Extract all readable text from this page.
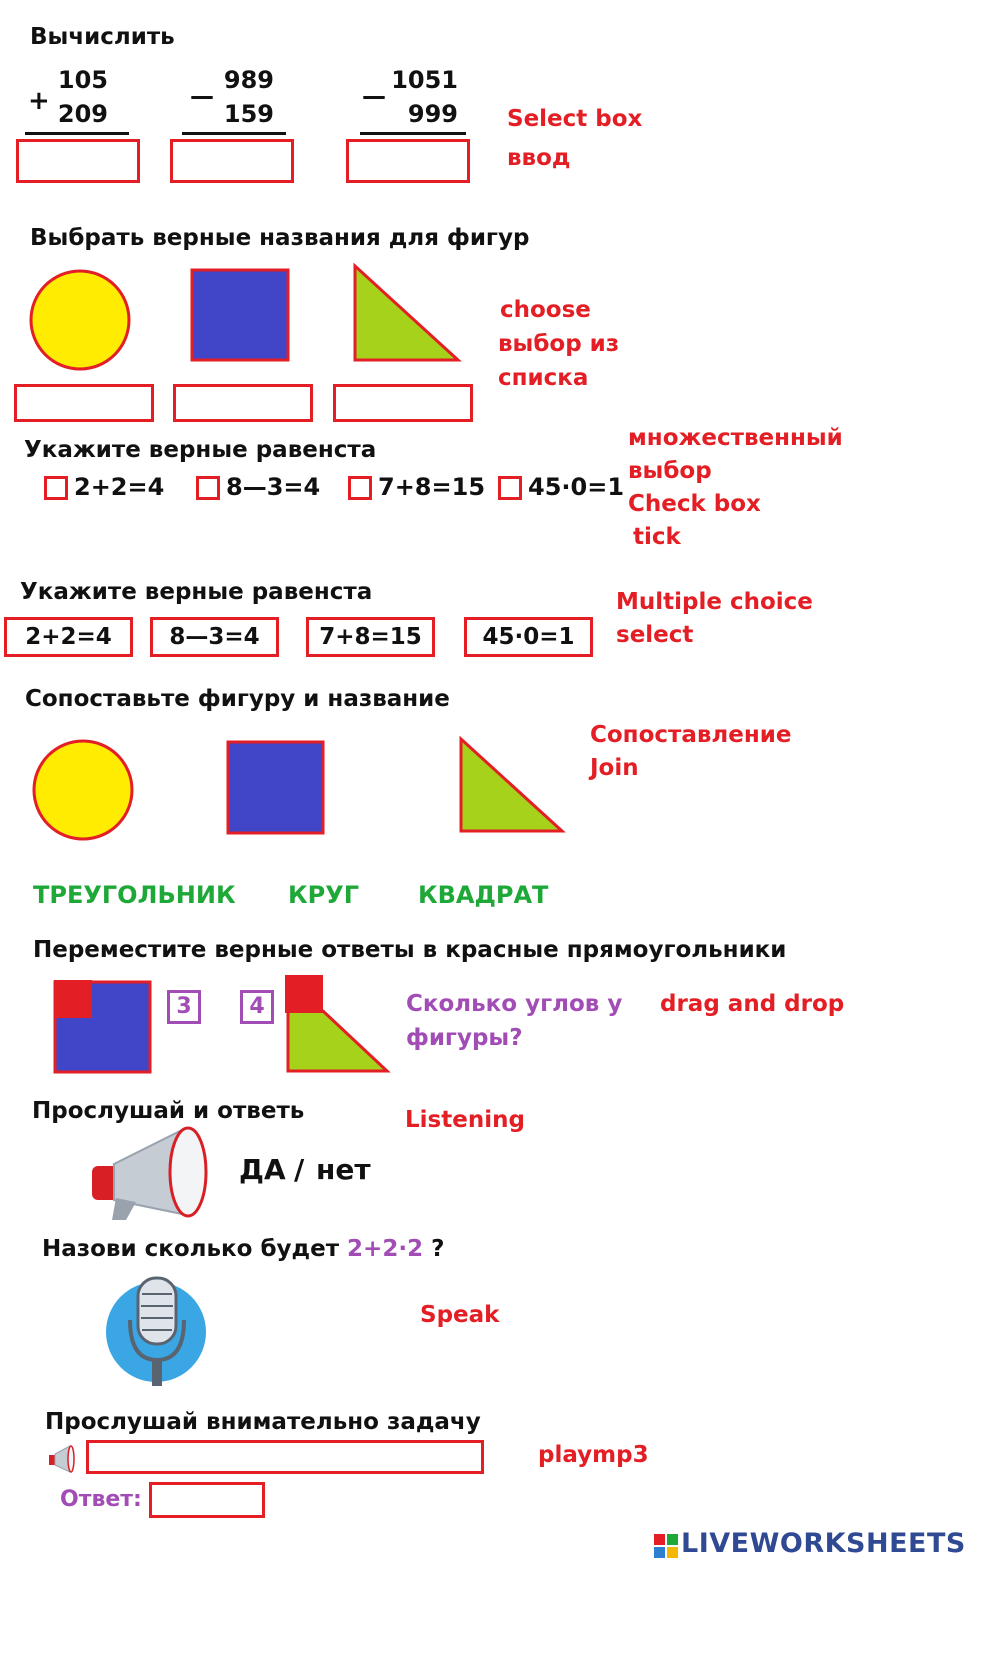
Вычислить
+
105
209
—
989
159
—
1051
999 Select box
ввод
Выбрать верные названия для фигур
choose
выбор из
списка
Укажите верные равенста
2+2=4	8—3=4	7+8=15	45·0=1
множественный
выбор
Check box
tick
Укажите верные равенста
2+2=4	8—3=4	7+8=15	45·0=1
Multiple choice
select
Сопоставьте фигуру и название
Сопоставление
Join
ТРЕУГОЛЬНИК КРУГ КВАДРАТ
Переместите верные ответы в красные прямоугольники
3	4	Сколько углов у
фигуры?
drag and drop
Прослушай и ответь	Listening
ДА / нет
Назови сколько будет 2+2·2 ?
Speak
Прослушай внимательно задачу
playmp3
Ответ:
LIVEWORKSHEETS
